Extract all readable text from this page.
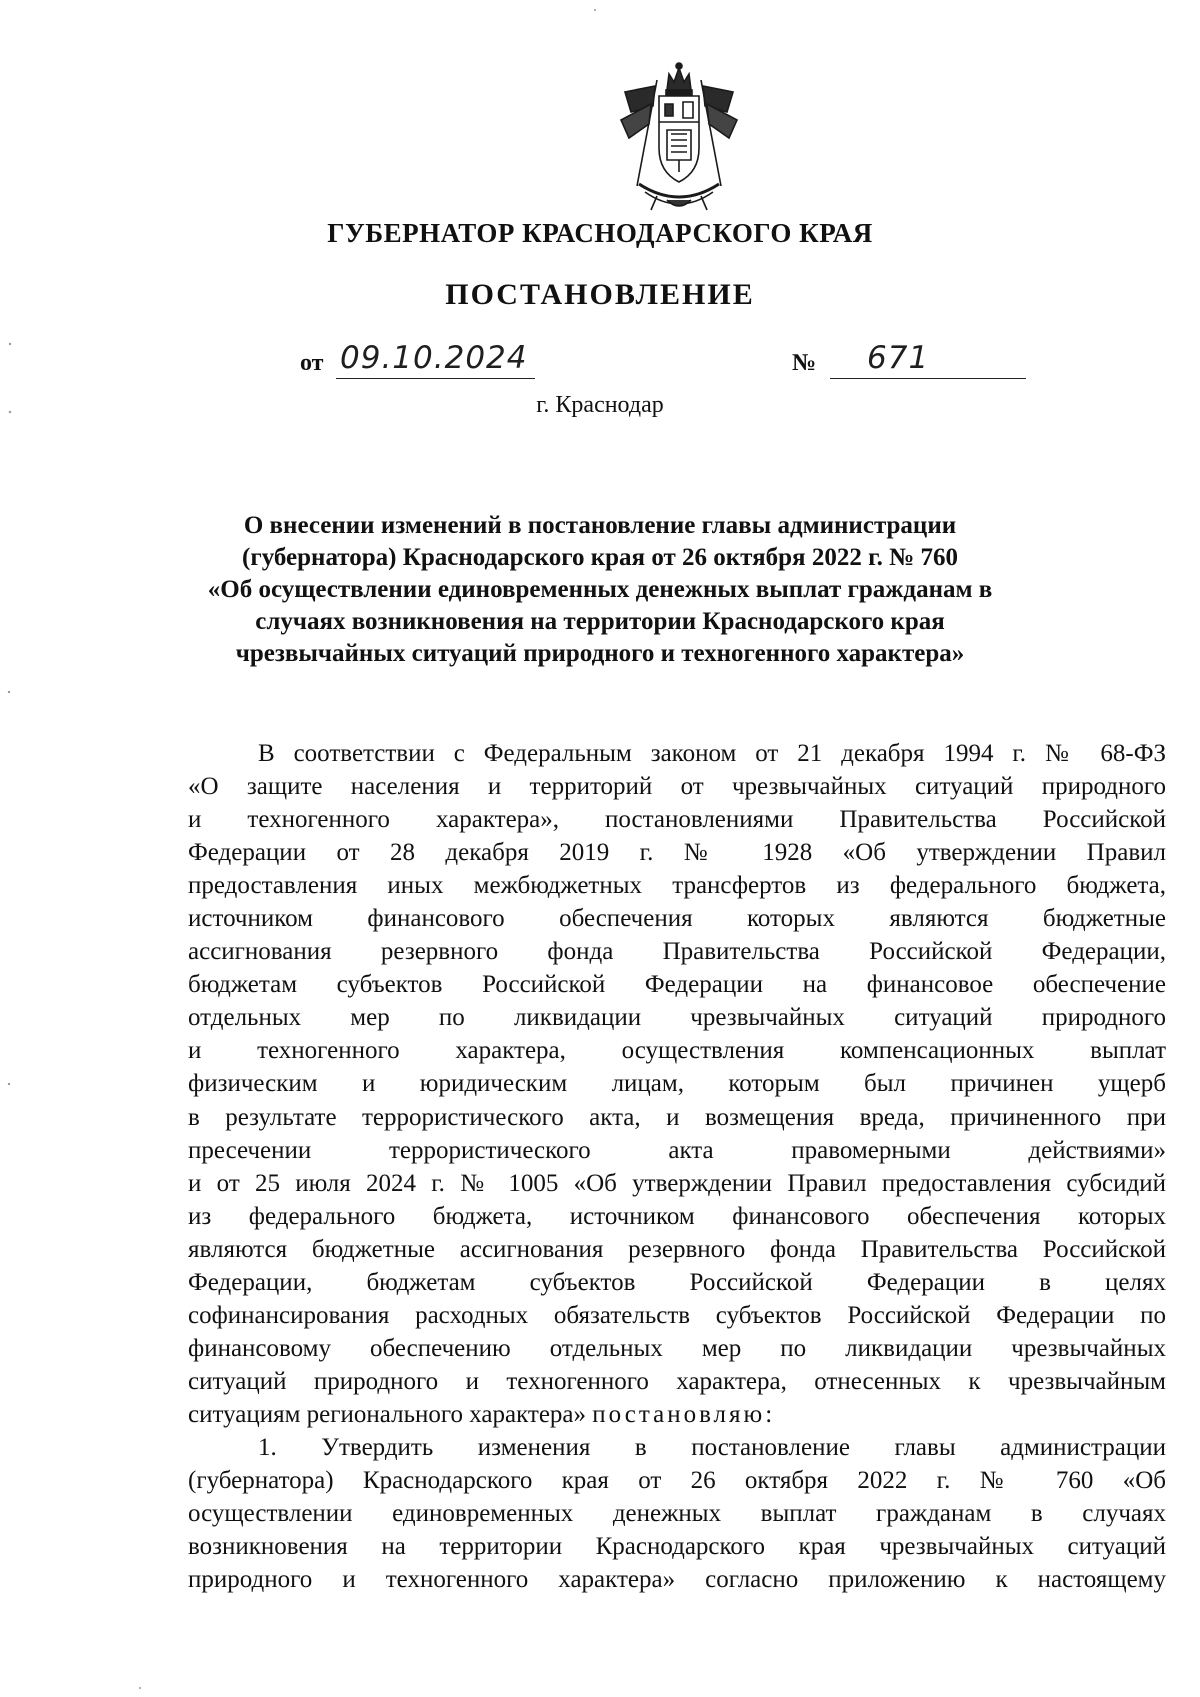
ГУБЕРНАТОР КРАСНОДАРСКОГО КРАЯ
ПОСТАНОВЛЕНИЕ
от 09.10.2024	№ 671
г. Краснодар
О внесении изменений в постановление главы администрации
(губернатора) Краснодарского края от 26 октября 2022 г. № 760
«Об осуществлении единовременных денежных выплат гражданам в
случаях возникновения на территории Краснодарского края
чрезвычайных ситуаций природного и техногенного характера»
В соответствии с Федеральным законом от 21 декабря 1994 г. № 68-ФЗ
«О защите населения и территорий от чрезвычайных ситуаций природного
и техногенного характера», постановлениями Правительства Российской
Федерации от 28 декабря 2019 г. № 1928 «Об утверждении Правил
предоставления иных межбюджетных трансфертов из федерального бюджета,
источником финансового обеспечения которых являются бюджетные
ассигнования резервного фонда Правительства Российской Федерации,
бюджетам субъектов Российской Федерации на финансовое обеспечение
отдельных мер по ликвидации чрезвычайных ситуаций природного
и техногенного характера, осуществления компенсационных выплат
физическим и юридическим лицам, которым был причинен ущерб
в результате террористического акта, и возмещения вреда, причиненного при
пресечении террористического акта правомерными действиями»
и от 25 июля 2024 г. № 1005 «Об утверждении Правил предоставления субсидий
из федерального бюджета, источником финансового обеспечения которых
являются бюджетные ассигнования резервного фонда Правительства Российской
Федерации, бюджетам субъектов Российской Федерации в целях
софинансирования расходных обязательств субъектов Российской Федерации по
финансовому обеспечению отдельных мер по ликвидации чрезвычайных
ситуаций природного и техногенного характера, отнесенных к чрезвычайным
ситуациям регионального характера» постановляю:
1. Утвердить изменения в постановление главы администрации
(губернатора) Краснодарского края от 26 октября 2022 г. № 760 «Об
осуществлении единовременных денежных выплат гражданам в случаях
возникновения на территории Краснодарского края чрезвычайных ситуаций
природного и техногенного характера» согласно приложению к настоящему
